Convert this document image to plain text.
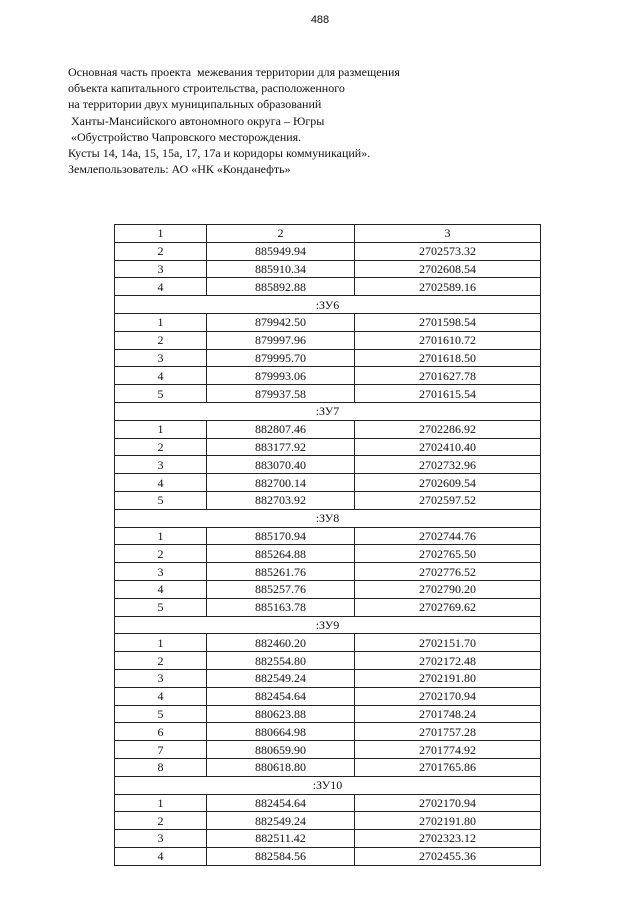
488
Основная часть проекта  межевания территории для размещения
объекта капитального строительства, расположенного
на территории двух муниципальных образований
Ханты-Мансийского автономного округа – Югры
«Обустройство Чапровского месторождения.
Кусты 14, 14а, 15, 15а, 17, 17а и коридоры коммуникаций».
Землепользователь: АО «НК «Конданефть»
1	2	3
2	885949.94	2702573.32
3	885910.34	2702608.54
4	885892.88	2702589.16
:ЗУ6		
1	879942.50	2701598.54
2	879997.96	2701610.72
3	879995.70	2701618.50
4	879993.06	2701627.78
5	879937.58	2701615.54
:ЗУ7		
1	882807.46	2702286.92
2	883177.92	2702410.40
3	883070.40	2702732.96
4	882700.14	2702609.54
5	882703.92	2702597.52
:ЗУ8		
1	885170.94	2702744.76
2	885264.88	2702765.50
3	885261.76	2702776.52
4	885257.76	2702790.20
5	885163.78	2702769.62
:ЗУ9		
1	882460.20	2702151.70
2	882554.80	2702172.48
3	882549.24	2702191.80
4	882454.64	2702170.94
5	880623.88	2701748.24
6	880664.98	2701757.28
7	880659.90	2701774.92
8	880618.80	2701765.86
:ЗУ10		
1	882454.64	2702170.94
2	882549.24	2702191.80
3	882511.42	2702323.12
4	882584.56	2702455.36
